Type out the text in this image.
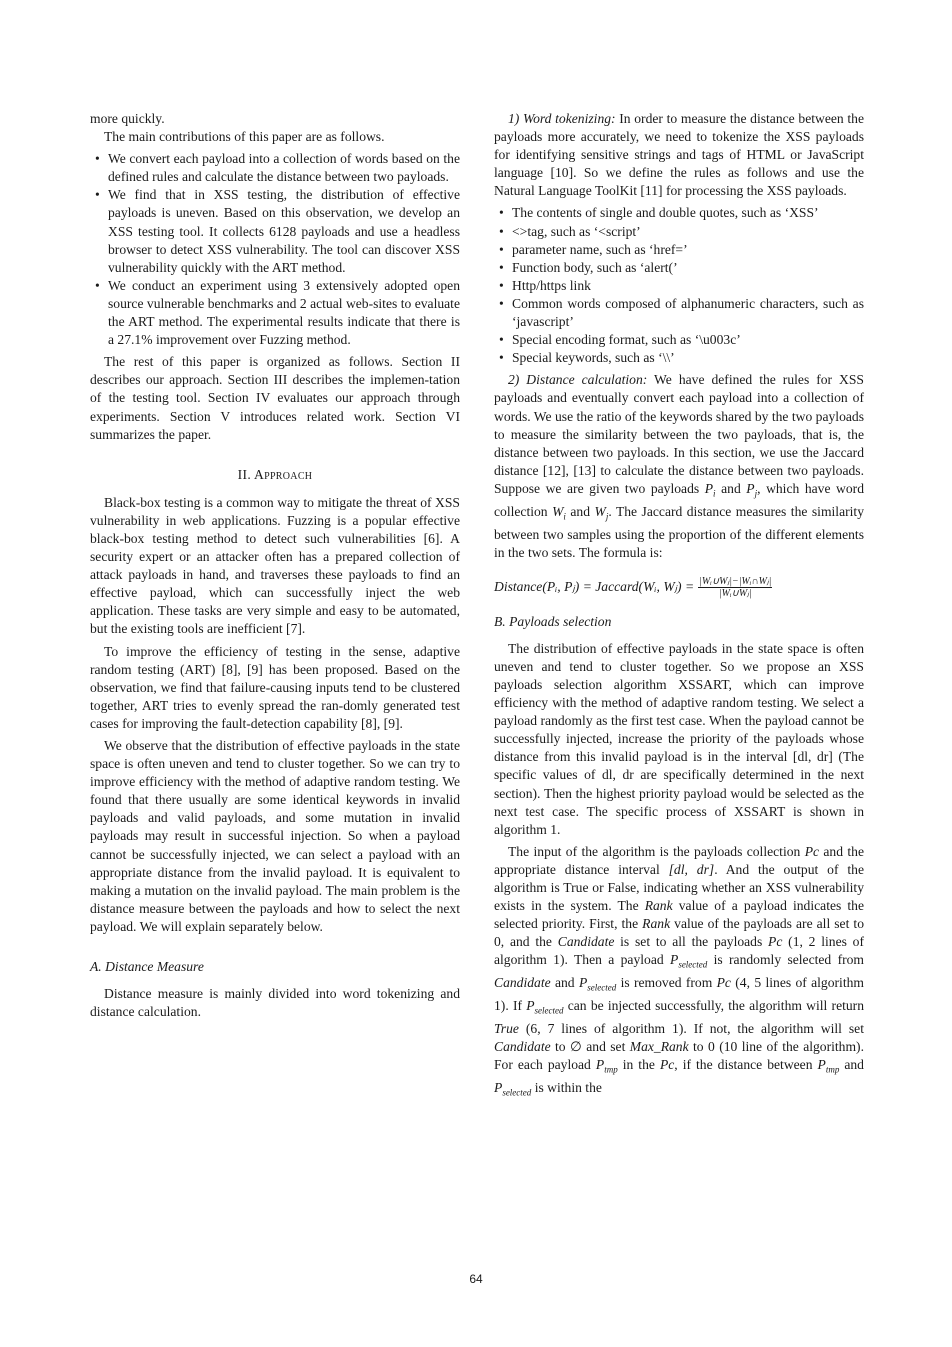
more quickly.

The main contributions of this paper are as follows.

• We convert each payload into a collection of words based on the defined rules and calculate the distance between two payloads.
• We find that in XSS testing, the distribution of effective payloads is uneven. Based on this observation, we develop an XSS testing tool. It collects 6128 payloads and use a headless browser to detect XSS vulnerability. The tool can discover XSS vulnerability quickly with the ART method.
• We conduct an experiment using 3 extensively adopted open source vulnerable benchmarks and 2 actual web-sites to evaluate the ART method. The experimental results indicate that there is a 27.1% improvement over Fuzzing method.

The rest of this paper is organized as follows. Section II describes our approach. Section III describes the implemen-tation of the testing tool. Section IV evaluates our approach through experiments. Section V introduces related work. Section VI summarizes the paper.

II. Approach

Black-box testing is a common way to mitigate the threat of XSS vulnerability in web applications. Fuzzing is a popular effective black-box testing method to detect such vulnerabilities [6]. A security expert or an attacker often has a prepared collection of attack payloads in hand, and traverses these payloads to find an effective payload, which can successfully inject the web application. These tasks are very simple and easy to be automated, but the existing tools are inefficient [7].

To improve the efficiency of testing in the sense, adaptive random testing (ART) [8], [9] has been proposed. Based on the observation, we find that failure-causing inputs tend to be clustered together, ART tries to evenly spread the ran-domly generated test cases for improving the fault-detection capability [8], [9].

We observe that the distribution of effective payloads in the state space is often uneven and tend to cluster together. So we can try to improve efficiency with the method of adaptive random testing. We found that there usually are some identical keywords in invalid payloads and valid payloads, and some mutation in invalid payloads may result in successful injection. So when a payload cannot be successfully injected, we can select a payload with an appropriate distance from the invalid payload. It is equivalent to making a mutation on the invalid payload. The main problem is the distance measure between the payloads and how to select the next payload. We will explain separately below.

A. Distance Measure

Distance measure is mainly divided into word tokenizing and distance calculation.

1) Word tokenizing: In order to measure the distance between the payloads more accurately, we need to tokenize the XSS payloads for identifying sensitive strings and tags of HTML or JavaScript language [10]. So we define the rules as follows and use the Natural Language ToolKit [11] for processing the XSS payloads.

• The contents of single and double quotes, such as ‘XSS’
• <>tag, such as ‘<script’
• parameter name, such as ‘href=’
• Function body, such as ‘alert(’
• Http/https link
• Common words composed of alphanumeric characters, such as ‘javascript’
• Special encoding format, such as ‘\u003c’
• Special keywords, such as ‘\\’

2) Distance calculation: We have defined the rules for XSS payloads and eventually convert each payload into a collection of words. We use the ratio of the keywords shared by the two payloads to measure the similarity between the two payloads, that is, the distance between two payloads. In this section, we use the Jaccard distance [12], [13] to calculate the distance between two payloads. Suppose we are given two payloads $P_i$ and $P_j$, which have word collection $W_i$ and $W_j$. The Jaccard distance measures the similarity between two samples using the proportion of the different elements in the two sets. The formula is:

Distance(Pᵢ, Pⱼ) = Jaccard(Wᵢ, Wⱼ) = $\frac{\text{|Wᵢ∪Wⱼ|−|Wᵢ∩Wⱼ|}}{\text{|Wᵢ∪Wⱼ|}}$
B. Payloads selection

The distribution of effective payloads in the state space is often uneven and tend to cluster together. So we propose an XSS payloads selection algorithm XSSART, which can improve efficiency with the method of adaptive random testing. We select a payload randomly as the first test case. When the payload cannot be successfully injected, increase the priority of the payloads whose distance from this invalid payload is in the interval [dl, dr] (The specific values of dl, dr are specifically determined in the next section). Then the highest priority payload would be selected as the next test case. The specific process of XSSART is shown in algorithm 1.

The input of the algorithm is the payloads collection Pc and the appropriate distance interval [dl, dr]. And the output of the algorithm is True or False, indicating whether an XSS vulnerability exists in the system. The Rank value of a payload indicates the selected priority. First, the Rank value of the payloads are all set to 0, and the Candidate is set to all the payloads Pc (1, 2 lines of algorithm 1). Then a payload $P_{selected}$ is randomly selected from Candidate and $P_{selected}$ is removed from Pc (4, 5 lines of algorithm 1). If $P_{selected}$ can be injected successfully, the algorithm will return True (6, 7 lines of algorithm 1). If not, the algorithm will set Candidate to ∅ and set Max_Rank to 0 (10 line of the algorithm). For each payload $P_{tmp}$ in the Pc, if the distance between $P_{tmp}$ and $P_{selected}$ is within the

64
